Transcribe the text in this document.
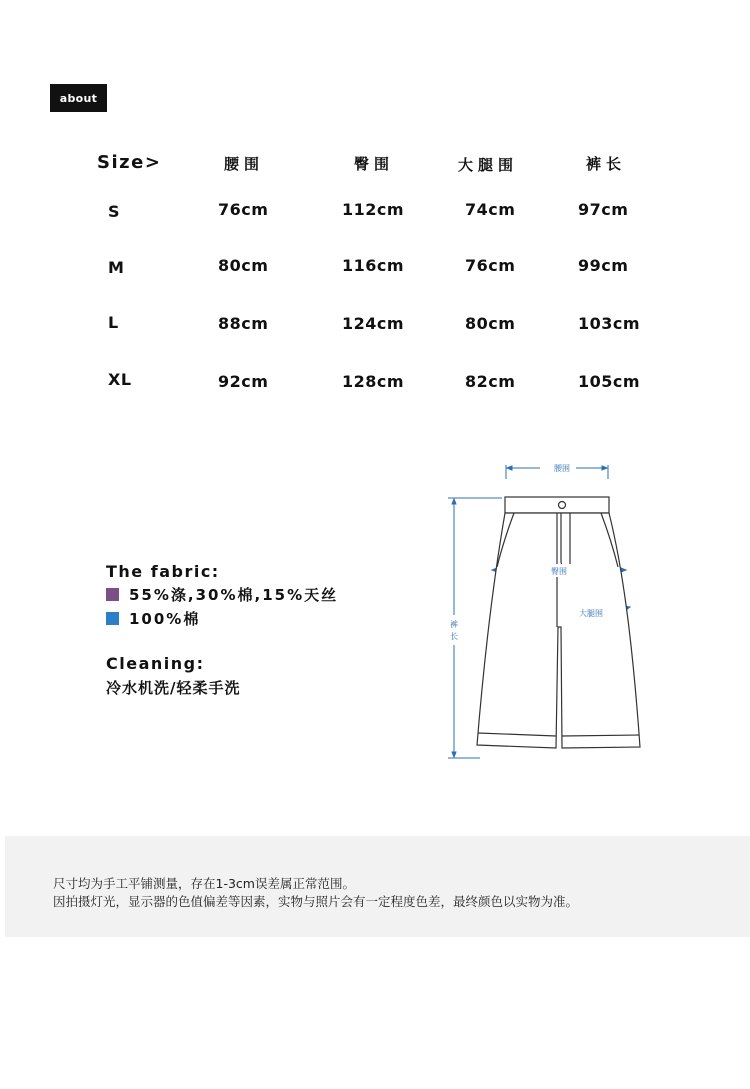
about
Size>	腰围	臀围	大腿围	裤长
S	76cm	112cm	74cm	97cm
M	80cm	116cm	76cm	99cm
L	88cm	124cm	80cm	103cm
XL	92cm	128cm	82cm	105cm
The fabric:
55%涤,30%棉,15%天丝
100%棉
Cleaning:
冷水机洗/轻柔手洗
腰围
臀围
大腿围
裤
长
尺寸均为手工平铺测量，存在1-3cm误差属正常范围。
因拍摄灯光，显示器的色值偏差等因素，实物与照片会有一定程度色差，最终颜色以实物为准。
